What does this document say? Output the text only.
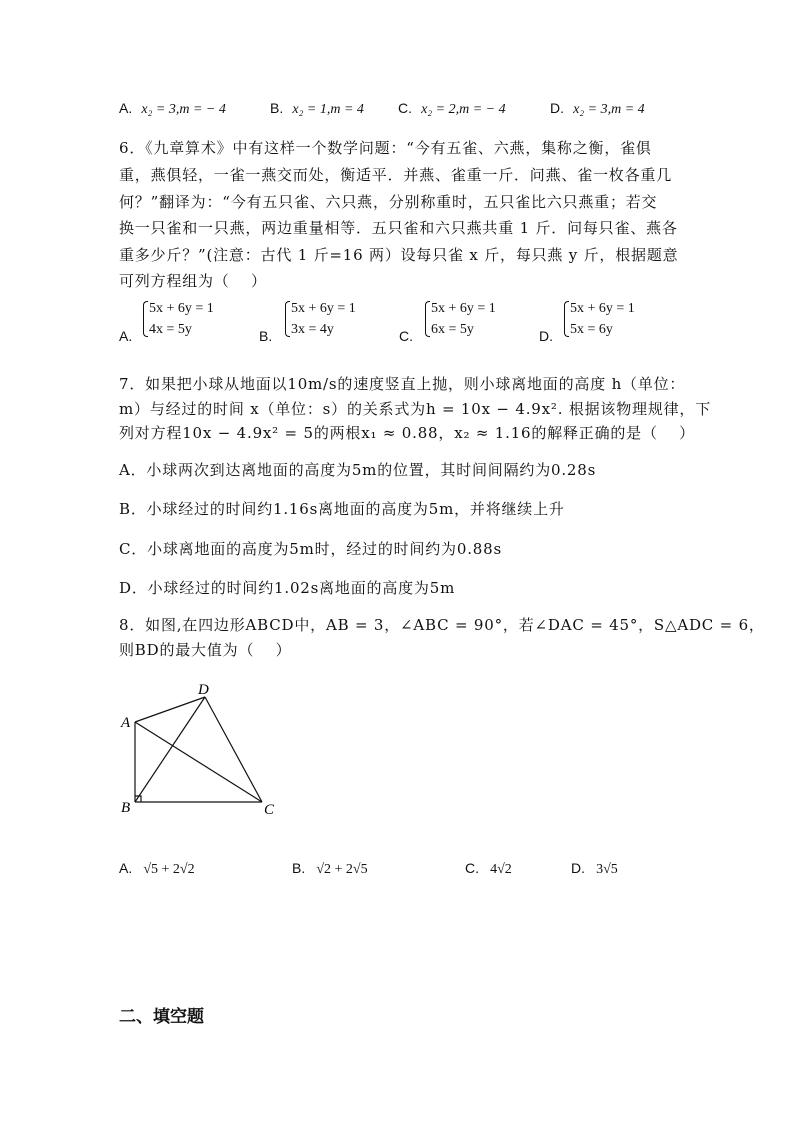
A. x₂ = 3,m = − 4	B. x₂ = 1,m = 4 C. x₂ = 2,m = − 4	D. x₂ = 3,m = 4
6．《九章算术》中有这样一个数学问题：“今有五雀、六燕，集称之衡，雀俱
重，燕俱轻，一雀一燕交而处，衡适平．并燕、雀重一斤．问燕、雀一枚各重几
何？”翻译为：“今有五只雀、六只燕，分别称重时，五只雀比六只燕重；若交
换一只雀和一只燕，两边重量相等．五只雀和六只燕共重 1 斤．问每只雀、燕各
重多少斤？”(注意：古代 1 斤=16 两）设每只雀 x 斤，每只燕 y 斤，根据题意
可列方程组为（　 ）
A.
5x + 6y = 1
4x = 5y	B.
5x + 6y = 1
3x = 4y	C.
5x + 6y = 1
6x = 5y	D.
5x + 6y = 1
5x = 6y
7．如果把小球从地面以10m/s的速度竖直上抛，则小球离地面的高度 h（单位：
m）与经过的时间 x（单位：s）的关系式为h = 10x − 4.9x². 根据该物理规律，下
列对方程10x − 4.9x² = 5的两根x₁ ≈ 0.88，x₂ ≈ 1.16的解释正确的是（　 ）
A．小球两次到达离地面的高度为5m的位置，其时间间隔约为0.28s
B．小球经过的时间约1.16s离地面的高度为5m，并将继续上升
C．小球离地面的高度为5m时，经过的时间约为0.88s
D．小球经过的时间约1.02s离地面的高度为5m
8．如图,在四边形ABCD中，AB = 3，∠ABC = 90°，若∠DAC = 45°，S△ADC = 6，
则BD的最大值为（　 ）
A
B	C
D
A. √5 + 2√2	B. √2 + 2√5	C. 4√2	D. 3√5
二、填空题
